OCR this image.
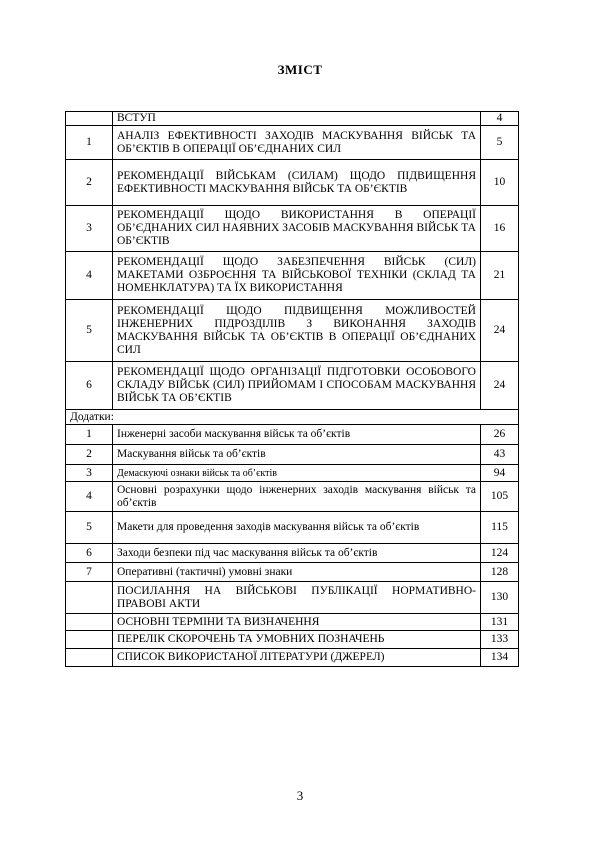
ЗМІСТ
	ВСТУП	4
1	АНАЛІЗ ЕФЕКТИВНОСТІ ЗАХОДІВ МАСКУВАННЯ ВІЙСЬК ТА ОБ’ЄКТІВ В ОПЕРАЦІЇ ОБ’ЄДНАНИХ СИЛ	5
2	РЕКОМЕНДАЦІЇ ВІЙСЬКАМ (СИЛАМ) ЩОДО ПІДВИЩЕННЯ ЕФЕКТИВНОСТІ МАСКУВАННЯ ВІЙСЬК ТА ОБ’ЄКТІВ	10
3	РЕКОМЕНДАЦІЇ ЩОДО ВИКОРИСТАННЯ В ОПЕРАЦІЇ ОБ’ЄДНАНИХ СИЛ НАЯВНИХ ЗАСОБІВ МАСКУВАННЯ ВІЙСЬК ТА ОБ’ЄКТІВ	16
4	РЕКОМЕНДАЦІЇ ЩОДО ЗАБЕЗПЕЧЕННЯ ВІЙСЬК (СИЛ) МАКЕТАМИ ОЗБРОЄННЯ ТА ВІЙСЬКОВОЇ ТЕХНІКИ (СКЛАД ТА НОМЕНКЛАТУРА) ТА ЇХ ВИКОРИСТАННЯ	21
5	РЕКОМЕНДАЦІЇ ЩОДО ПІДВИЩЕННЯ МОЖЛИВОСТЕЙ ІНЖЕНЕРНИХ ПІДРОЗДІЛІВ З ВИКОНАННЯ ЗАХОДІВ МАСКУВАННЯ ВІЙСЬК ТА ОБ’ЄКТІВ В ОПЕРАЦІЇ ОБ’ЄДНАНИХ СИЛ	24
6	РЕКОМЕНДАЦІЇ ЩОДО ОРГАНІЗАЦІЇ ПІДГОТОВКИ ОСОБОВОГО СКЛАДУ ВІЙСЬК (СИЛ) ПРИЙОМАМ І СПОСОБАМ МАСКУВАННЯ ВІЙСЬК ТА ОБ’ЄКТІВ	24
Додатки:		
1	Інженерні засоби маскування військ та об’єктів	26
2	Маскування військ та об’єктів	43
3	Демаскуючі ознаки військ та об’єктів	94
4	Основні розрахунки щодо інженерних заходів маскування військ та об’єктів	105
5	Макети для проведення заходів маскування військ та об’єктів	115
6	Заходи безпеки під час маскування військ та об’єктів	124
7	Оперативні (тактичні) умовні знаки	128
	ПОСИЛАННЯ НА ВІЙСЬКОВІ ПУБЛІКАЦІЇ НОРМАТИВНО-ПРАВОВІ АКТИ	130
	ОСНОВНІ ТЕРМІНИ ТА ВИЗНАЧЕННЯ	131
	ПЕРЕЛІК СКОРОЧЕНЬ ТА УМОВНИХ ПОЗНАЧЕНЬ	133
	СПИСОК ВИКОРИСТАНОЇ ЛІТЕРАТУРИ (ДЖЕРЕЛ)	134
3
